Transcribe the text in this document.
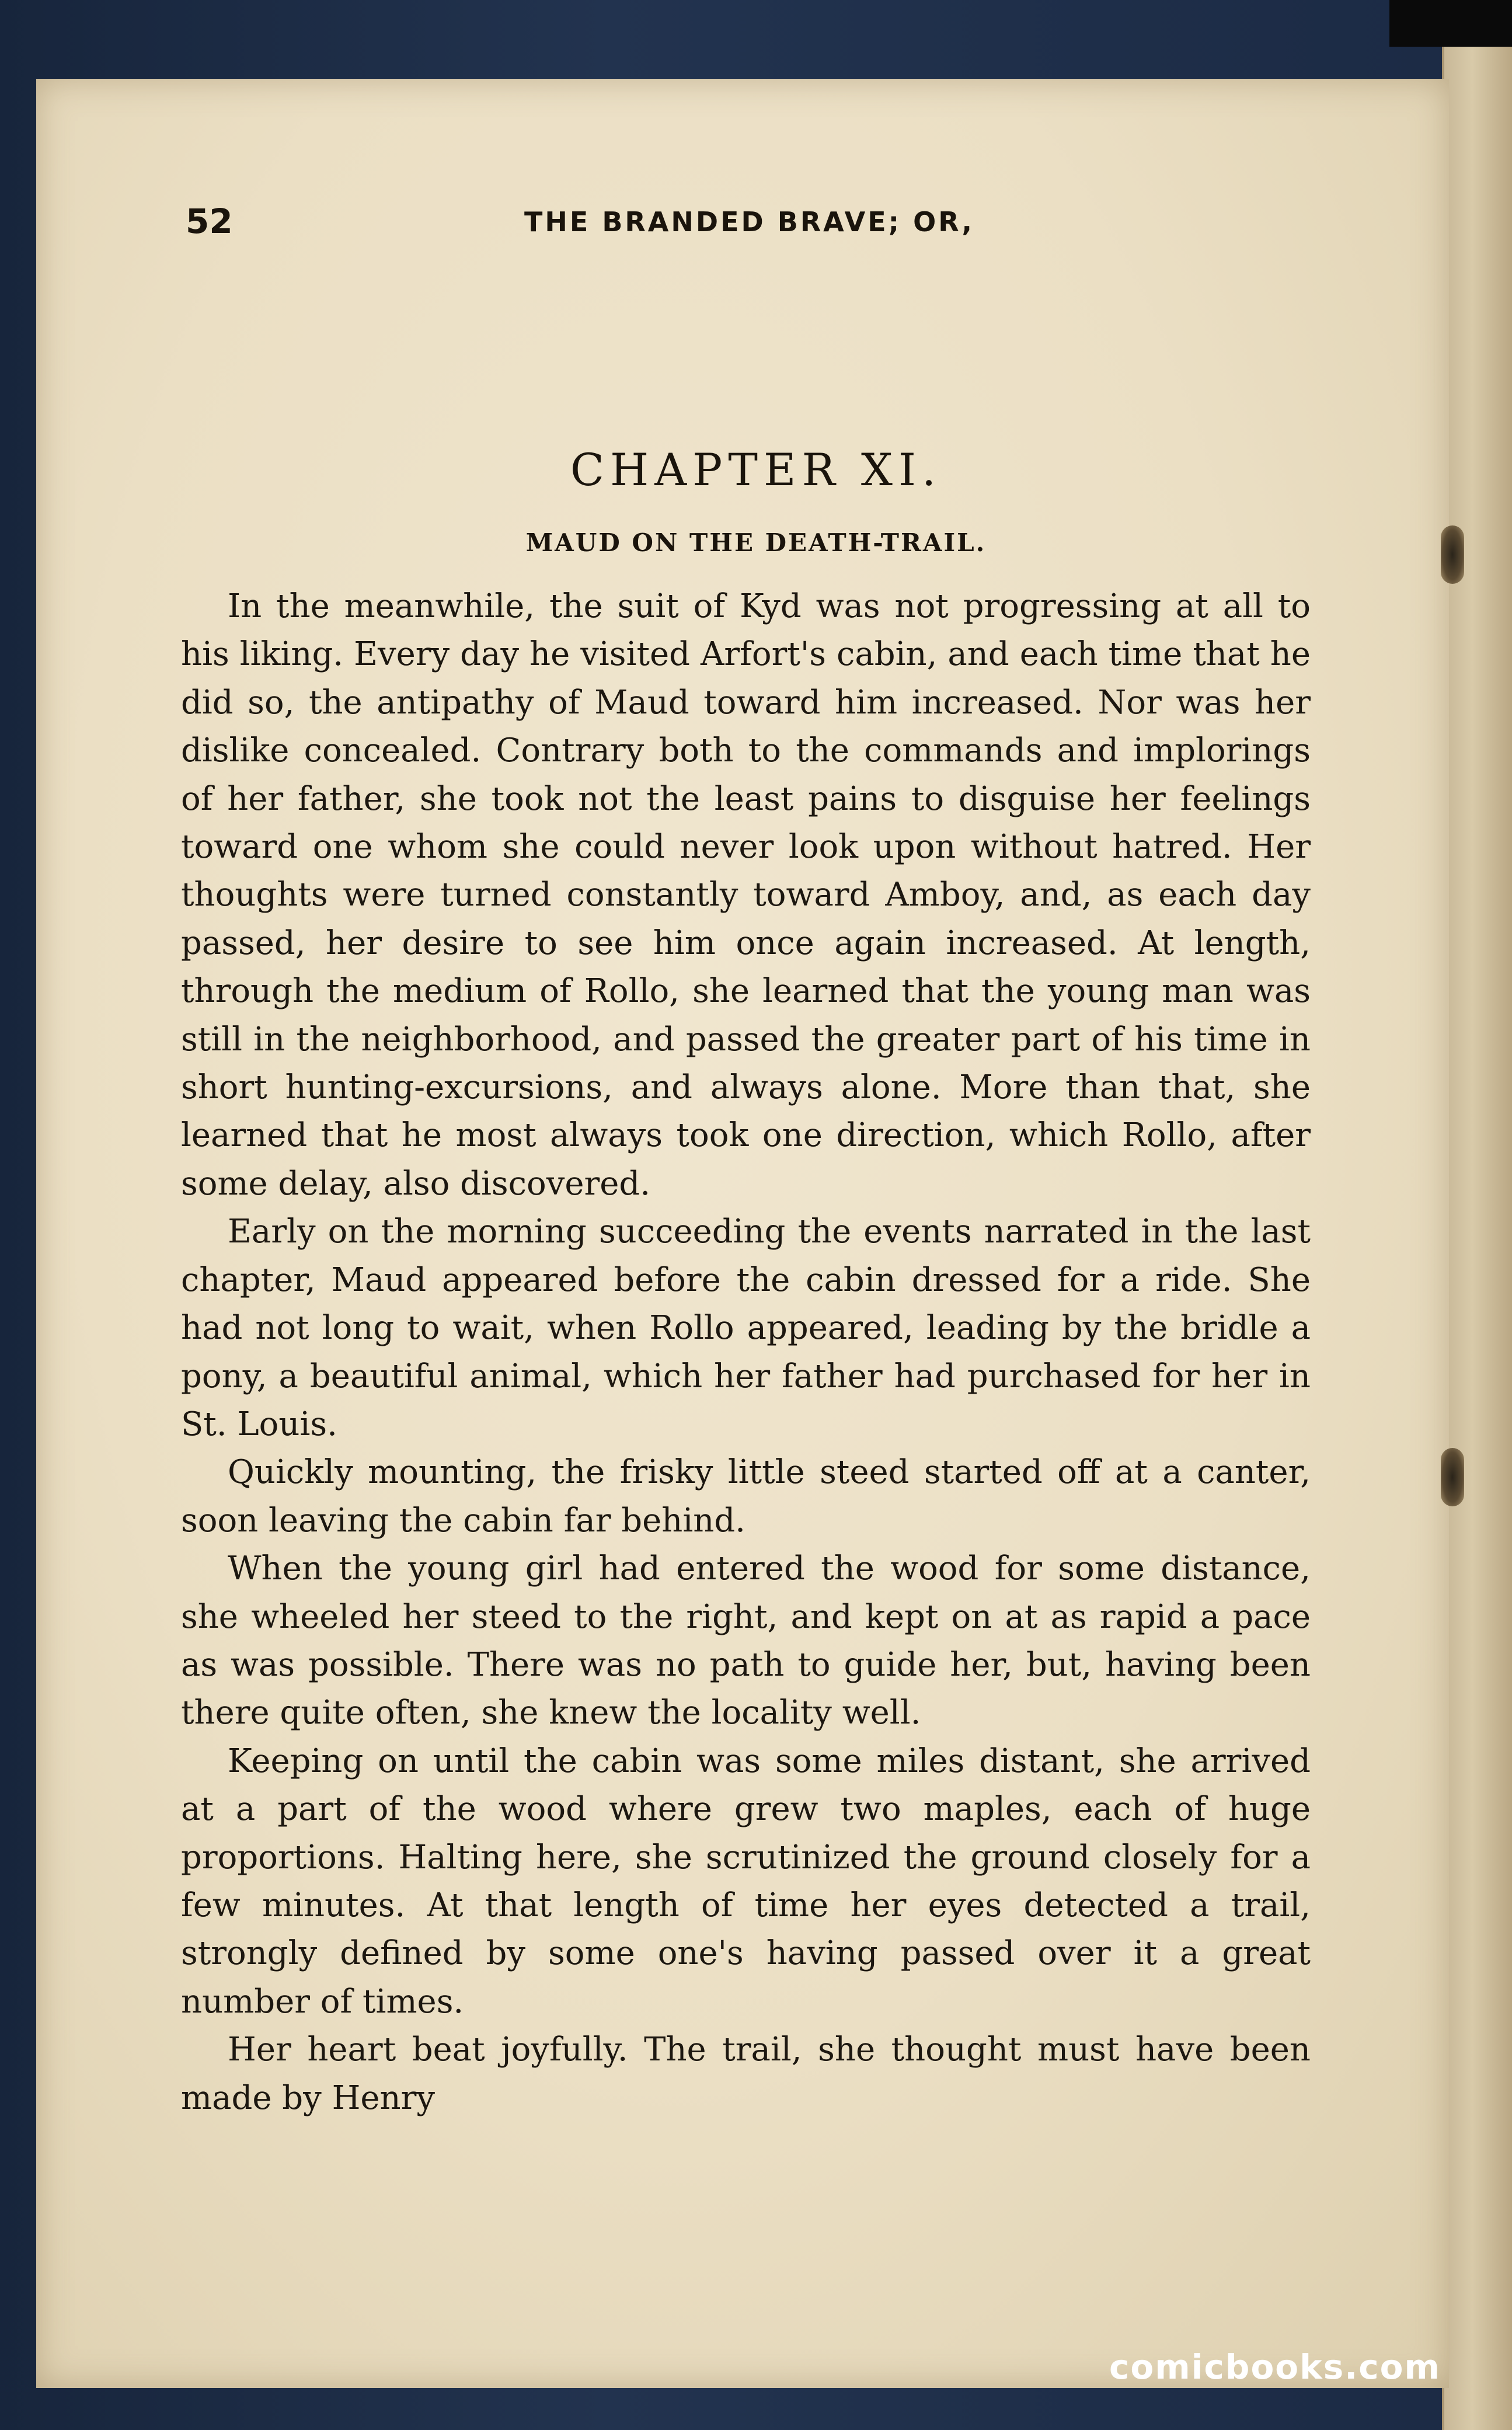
52	THE BRANDED BRAVE; OR,
CHAPTER XI.
MAUD ON THE DEATH-TRAIL.

In the meanwhile, the suit of Kyd was not progressing at all to his liking. Every day he visited Arfort's cabin, and each time that he did so, the antipathy of Maud toward him increased. Nor was her dislike concealed. Contrary both to the commands and implorings of her father, she took not the least pains to disguise her feelings toward one whom she could never look upon without hatred. Her thoughts were turned constantly toward Amboy, and, as each day passed, her desire to see him once again increased. At length, through the medium of Rollo, she learned that the young man was still in the neighborhood, and passed the greater part of his time in short hunting-excursions, and always alone. More than that, she learned that he most always took one direction, which Rollo, after some delay, also discovered.

Early on the morning succeeding the events narrated in the last chapter, Maud appeared before the cabin dressed for a ride. She had not long to wait, when Rollo appeared, leading by the bridle a pony, a beautiful animal, which her father had purchased for her in St. Louis.

Quickly mounting, the frisky little steed started off at a canter, soon leaving the cabin far behind.

When the young girl had entered the wood for some distance, she wheeled her steed to the right, and kept on at as rapid a pace as was possible. There was no path to guide her, but, having been there quite often, she knew the locality well.

Keeping on until the cabin was some miles distant, she arrived at a part of the wood where grew two maples, each of huge proportions. Halting here, she scrutinized the ground closely for a few minutes. At that length of time her eyes detected a trail, strongly defined by some one's having passed over it a great number of times.

Her heart beat joyfully. The trail, she thought must have been made by Henry

comicbooks.com
